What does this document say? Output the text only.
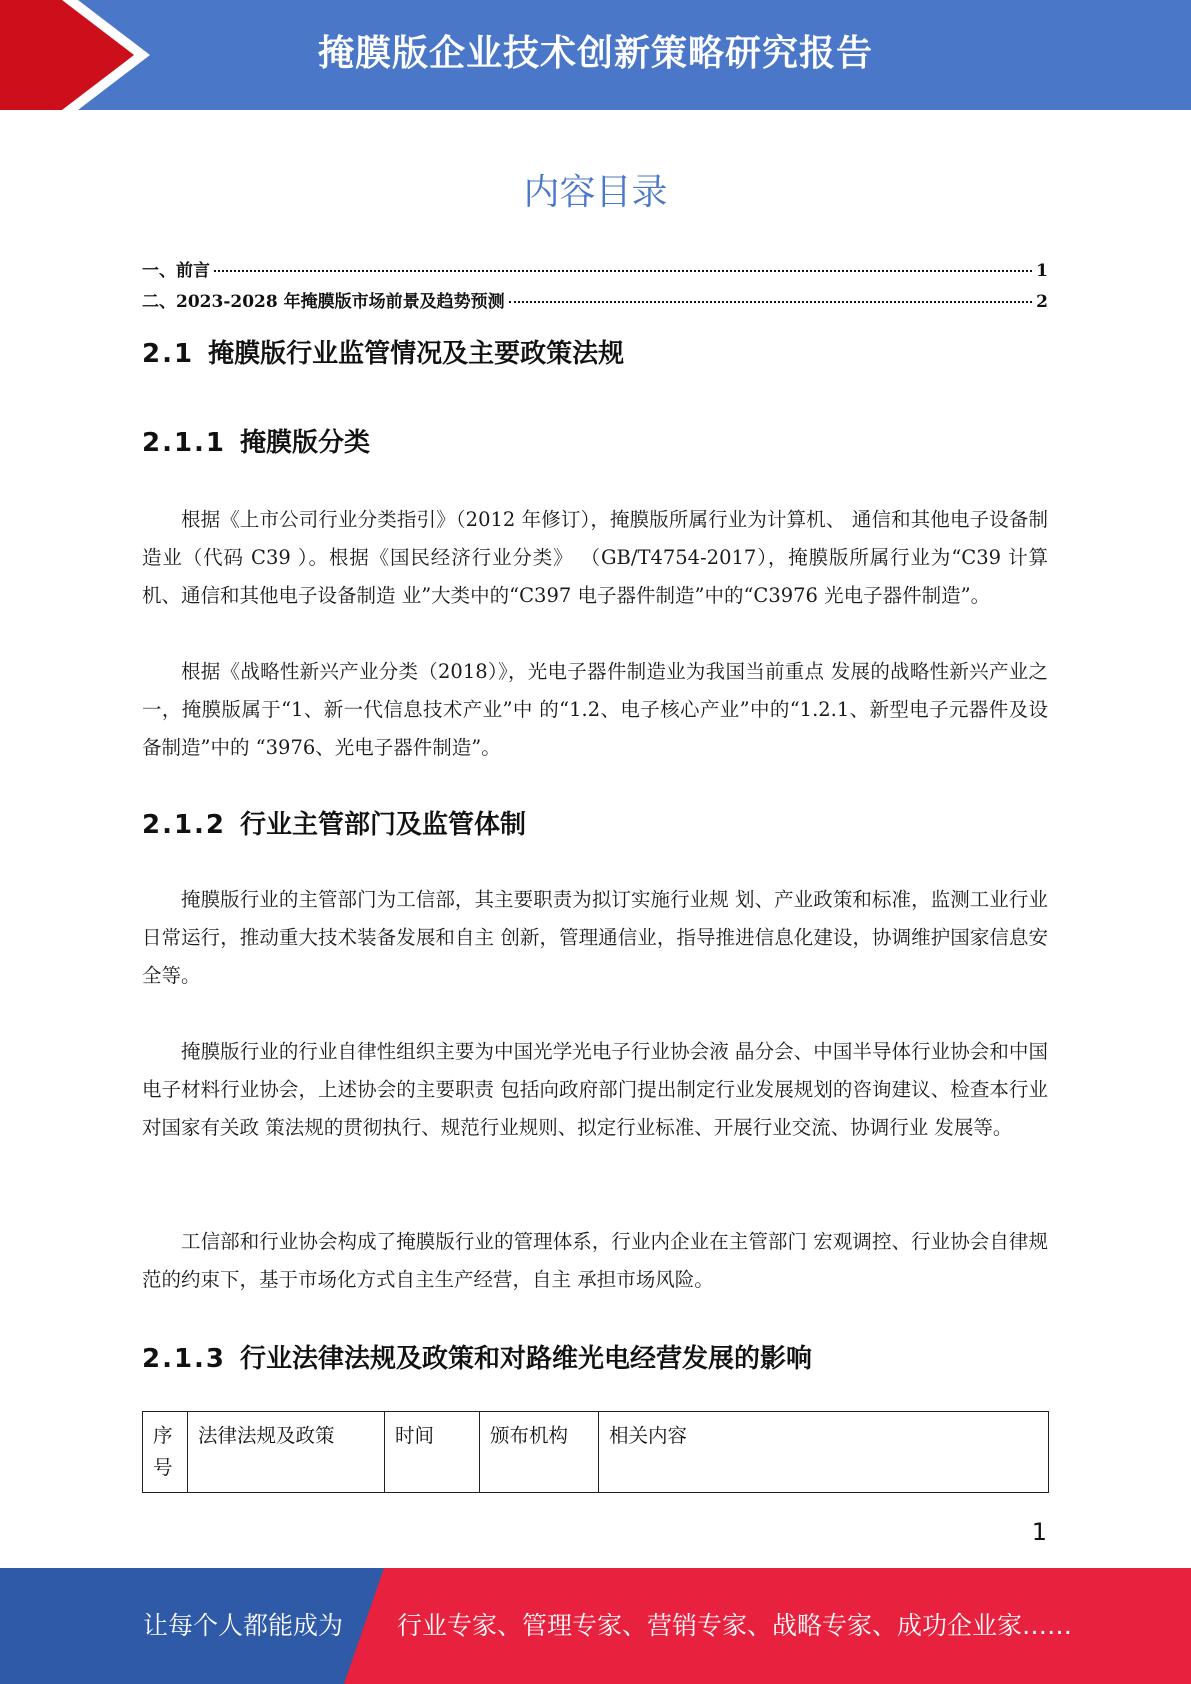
掩膜版企业技术创新策略研究报告
内容目录
一、前言	1
二、2023-2028 年掩膜版市场前景及趋势预测	2
2.1 掩膜版行业监管情况及主要政策法规
2.1.1 掩膜版分类

根据《上市公司行业分类指引》（2012 年修订），掩膜版所属行业为计算机、 通信和其他电子设备制造业（代码 C39 ）。根据《国民经济行业分类》 （GB/T4754-2017），掩膜版所属行业为“C39 计算机、通信和其他电子设备制造 业”大类中的“C397 电子器件制造”中的“C3976 光电子器件制造”。

根据《战略性新兴产业分类（2018）》，光电子器件制造业为我国当前重点 发展的战略性新兴产业之一，掩膜版属于“1、新一代信息技术产业”中 的“1.2、电子核心产业”中的“1.2.1、新型电子元器件及设备制造”中的 “3976、光电子器件制造”。

2.1.2 行业主管部门及监管体制

掩膜版行业的主管部门为工信部，其主要职责为拟订实施行业规 划、产业政策和标准，监测工业行业日常运行，推动重大技术装备发展和自主 创新，管理通信业，指导推进信息化建设，协调维护国家信息安全等。

掩膜版行业的行业自律性组织主要为中国光学光电子行业协会液 晶分会、中国半导体行业协会和中国电子材料行业协会，上述协会的主要职责 包括向政府部门提出制定行业发展规划的咨询建议、检查本行业对国家有关政 策法规的贯彻执行、规范行业规则、拟定行业标准、开展行业交流、协调行业 发展等。

工信部和行业协会构成了掩膜版行业的管理体系，行业内企业在主管部门 宏观调控、行业协会自律规范的约束下，基于市场化方式自主生产经营，自主 承担市场风险。

2.1.3 行业法律法规及政策和对路维光电经营发展的影响
序号	法律法规及政策	时间	颁布机构	相关内容
1
让每个人都能成为 行业专家、管理专家、营销专家、战略专家、成功企业家……
